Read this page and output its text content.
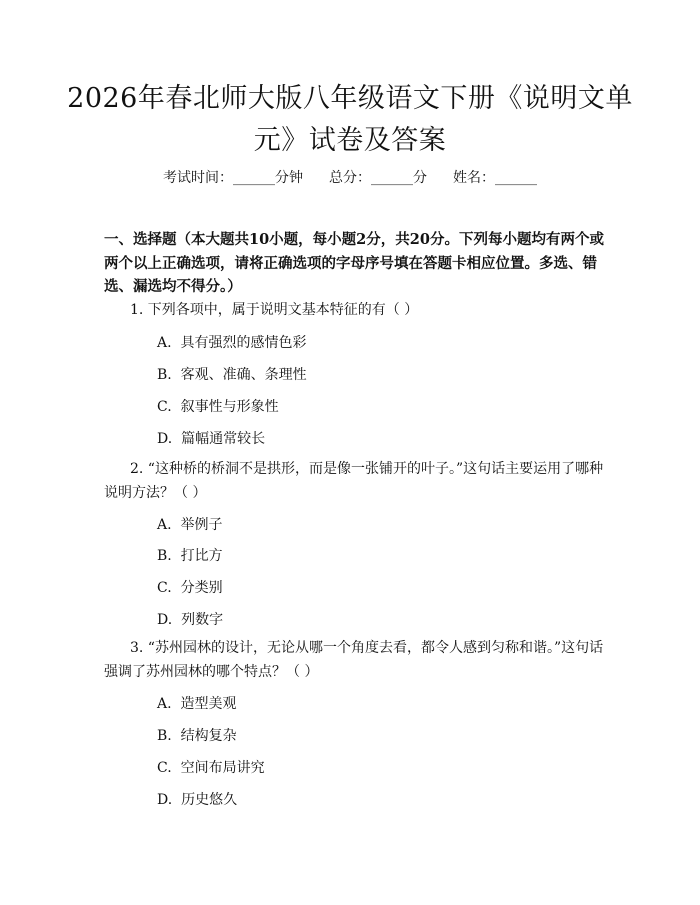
2026年春北师大版八年级语文下册《说明文单元》试卷及答案
考试时间：______分钟 总分：______分 姓名：______

一、选择题（本大题共10小题，每小题2分，共20分。下列每小题均有两个或两个以上正确选项，请将正确选项的字母序号填在答题卡相应位置。多选、错选、漏选均不得分。）

1. 下列各项中，属于说明文基本特征的有（ ）

A.  具有强烈的感情色彩
B.  客观、准确、条理性
C.  叙事性与形象性
D.  篇幅通常较长

2. “这种桥的桥洞不是拱形，而是像一张铺开的叶子。”这句话主要运用了哪种说明方法？（ ）

A.  举例子
B.  打比方
C.  分类别
D.  列数字

3. “苏州园林的设计，无论从哪一个角度去看，都令人感到匀称和谐。”这句话强调了苏州园林的哪个特点？（ ）

A.  造型美观
B.  结构复杂
C.  空间布局讲究
D.  历史悠久
